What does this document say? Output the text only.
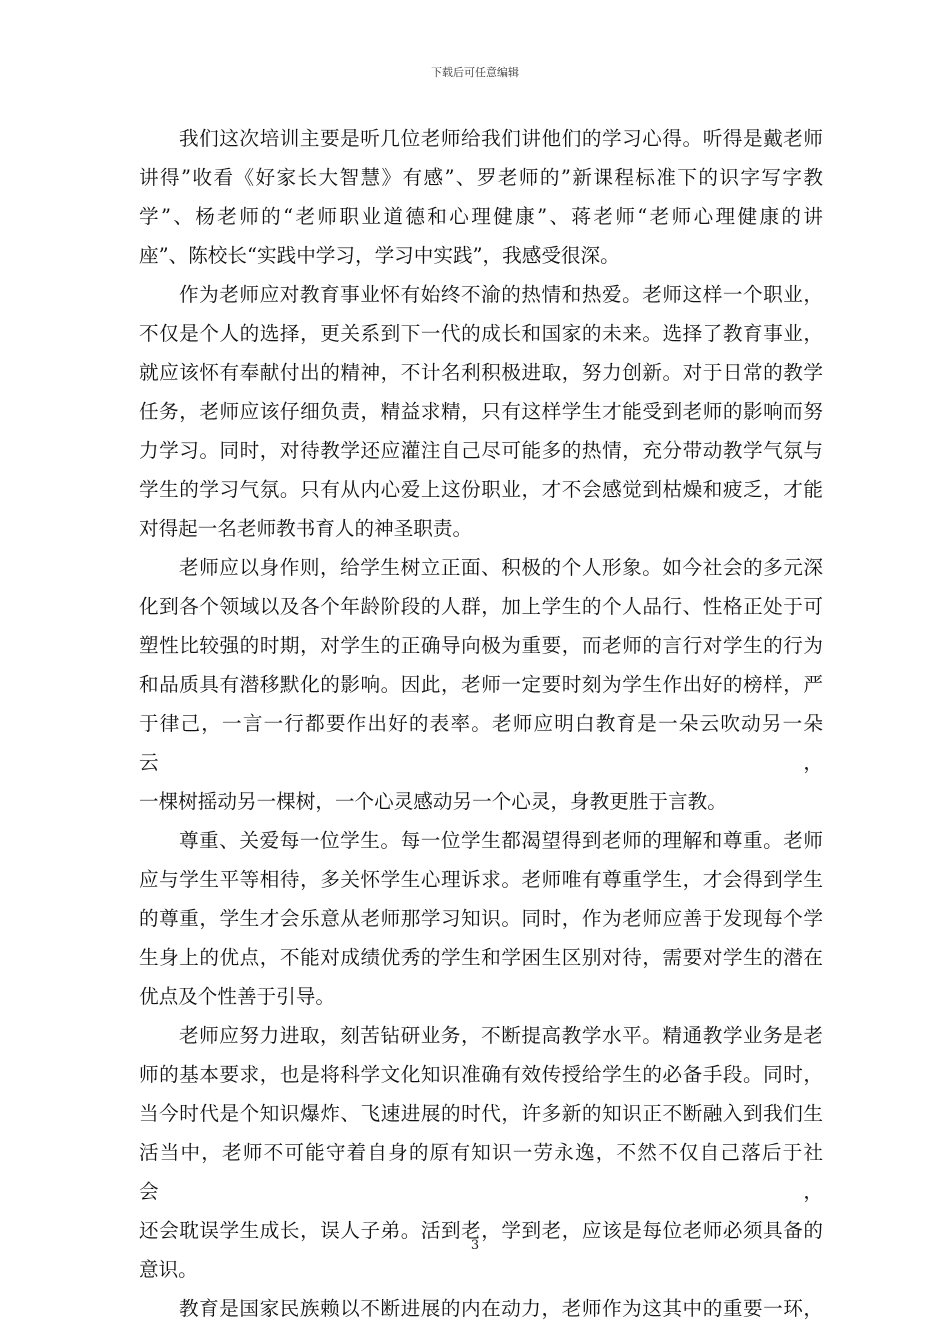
下载后可任意编辑
我们这次培训主要是听几位老师给我们讲他们的学习心得。听得是戴老师
讲得”收看《好家长大智慧》有感”、罗老师的”新课程标准下的识字写字教
学”、杨老师的“老师职业道德和心理健康”、蒋老师“老师心理健康的讲
座”、陈校长“实践中学习，学习中实践”，我感受很深。
作为老师应对教育事业怀有始终不渝的热情和热爱。老师这样一个职业，
不仅是个人的选择，更关系到下一代的成长和国家的未来。选择了教育事业，
就应该怀有奉献付出的精神，不计名利积极进取，努力创新。对于日常的教学
任务，老师应该仔细负责，精益求精，只有这样学生才能受到老师的影响而努
力学习。同时，对待教学还应灌注自己尽可能多的热情，充分带动教学气氛与
学生的学习气氛。只有从内心爱上这份职业，才不会感觉到枯燥和疲乏，才能
对得起一名老师教书育人的神圣职责。
老师应以身作则，给学生树立正面、积极的个人形象。如今社会的多元深
化到各个领域以及各个年龄阶段的人群，加上学生的个人品行、性格正处于可
塑性比较强的时期，对学生的正确导向极为重要，而老师的言行对学生的行为
和品质具有潜移默化的影响。因此，老师一定要时刻为学生作出好的榜样，严
于律己，一言一行都要作出好的表率。老师应明白教育是一朵云吹动另一朵云，
一棵树摇动另一棵树，一个心灵感动另一个心灵，身教更胜于言教。
尊重、关爱每一位学生。每一位学生都渴望得到老师的理解和尊重。老师
应与学生平等相待，多关怀学生心理诉求。老师唯有尊重学生，才会得到学生
的尊重，学生才会乐意从老师那学习知识。同时，作为老师应善于发现每个学
生身上的优点，不能对成绩优秀的学生和学困生区别对待，需要对学生的潜在
优点及个性善于引导。
老师应努力进取，刻苦钻研业务，不断提高教学水平。精通教学业务是老
师的基本要求，也是将科学文化知识准确有效传授给学生的必备手段。同时，
当今时代是个知识爆炸、飞速进展的时代，许多新的知识正不断融入到我们生
活当中，老师不可能守着自身的原有知识一劳永逸，不然不仅自己落后于社会，
还会耽误学生成长，误人子弟。活到老，学到老，应该是每位老师必须具备的
意识。
教育是国家民族赖以不断进展的内在动力，老师作为这其中的重要一环，
3
